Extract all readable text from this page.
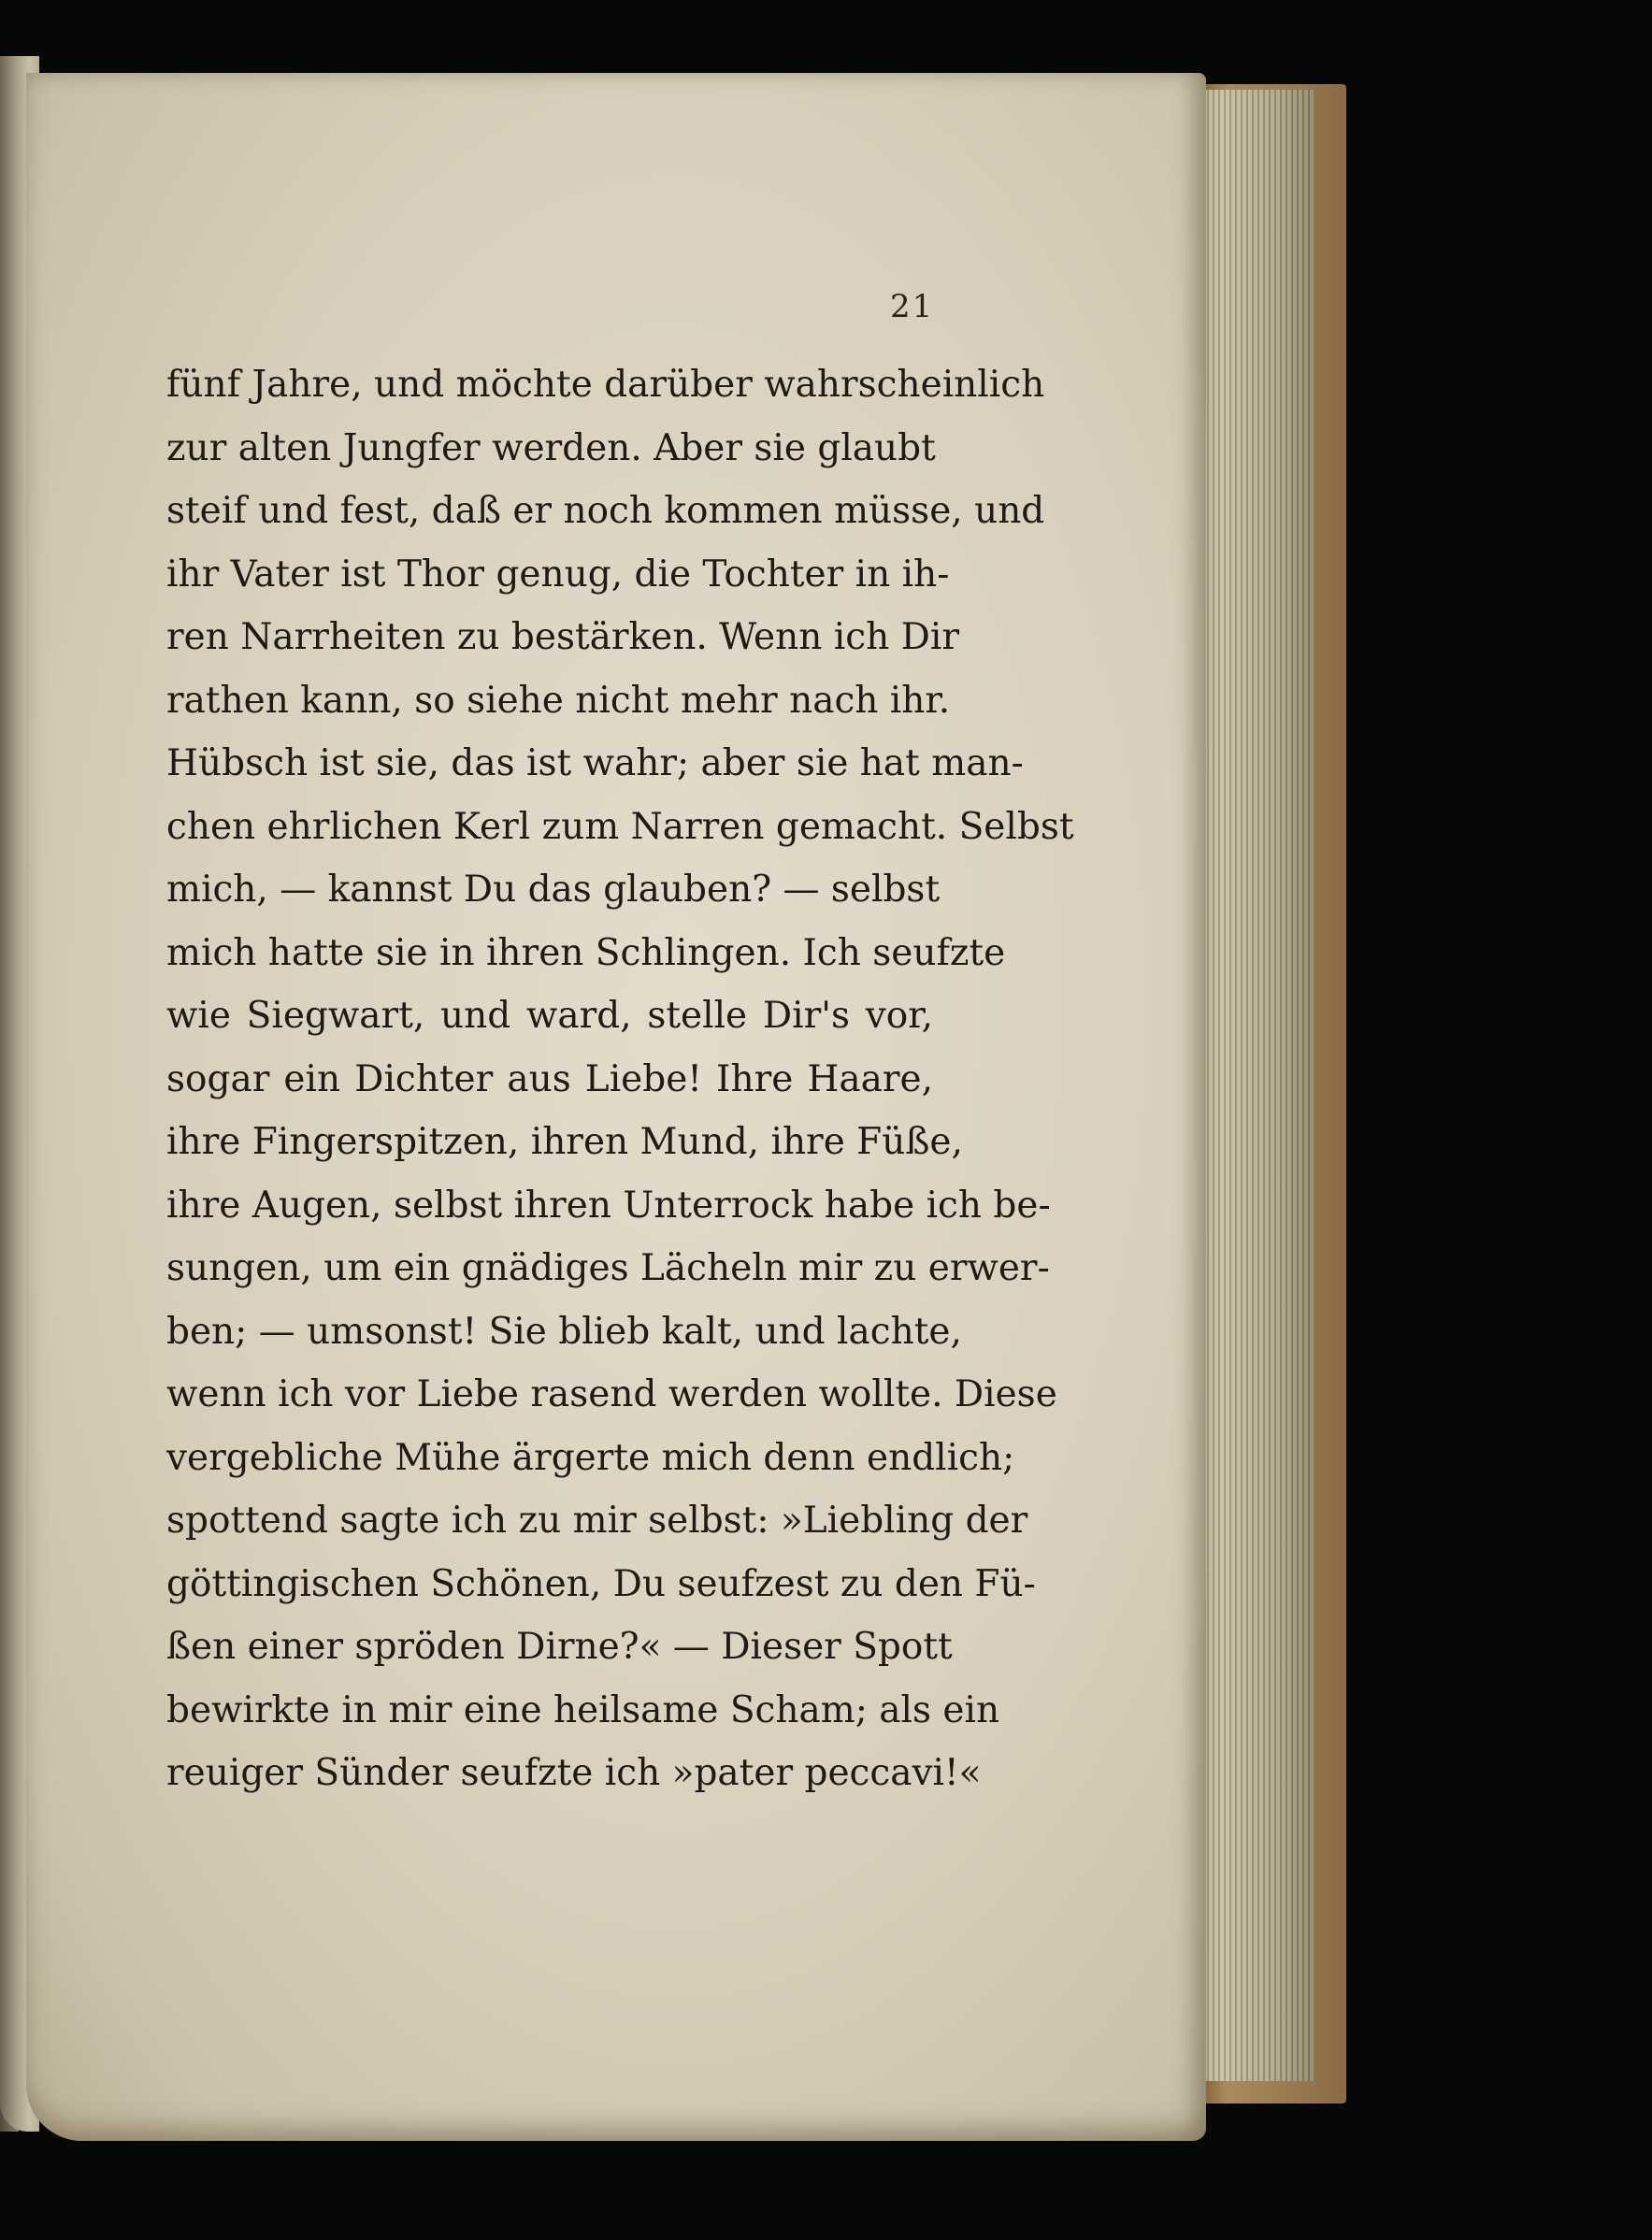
21
fünf Jahre, und möchte darüber wahrscheinlich
zur alten Jungfer werden. Aber sie glaubt
steif und fest, daß er noch kommen müsse, und
ihr Vater ist Thor genug, die Tochter in ih-
ren Narrheiten zu bestärken. Wenn ich Dir
rathen kann, so siehe nicht mehr nach ihr.
Hübsch ist sie, das ist wahr; aber sie hat man-
chen ehrlichen Kerl zum Narren gemacht. Selbst
mich, — kannst Du das glauben? — selbst
mich hatte sie in ihren Schlingen. Ich seufzte
wie Siegwart, und ward, stelle Dir's vor,
sogar ein Dichter aus Liebe! Ihre Haare,
ihre Fingerspitzen, ihren Mund, ihre Füße,
ihre Augen, selbst ihren Unterrock habe ich be-
sungen, um ein gnädiges Lächeln mir zu erwer-
ben; — umsonst! Sie blieb kalt, und lachte,
wenn ich vor Liebe rasend werden wollte. Diese
vergebliche Mühe ärgerte mich denn endlich;
spottend sagte ich zu mir selbst: »Liebling der
göttingischen Schönen, Du seufzest zu den Fü-
ßen einer spröden Dirne?« — Dieser Spott
bewirkte in mir eine heilsame Scham; als ein
reuiger Sünder seufzte ich »pater peccavi!«
